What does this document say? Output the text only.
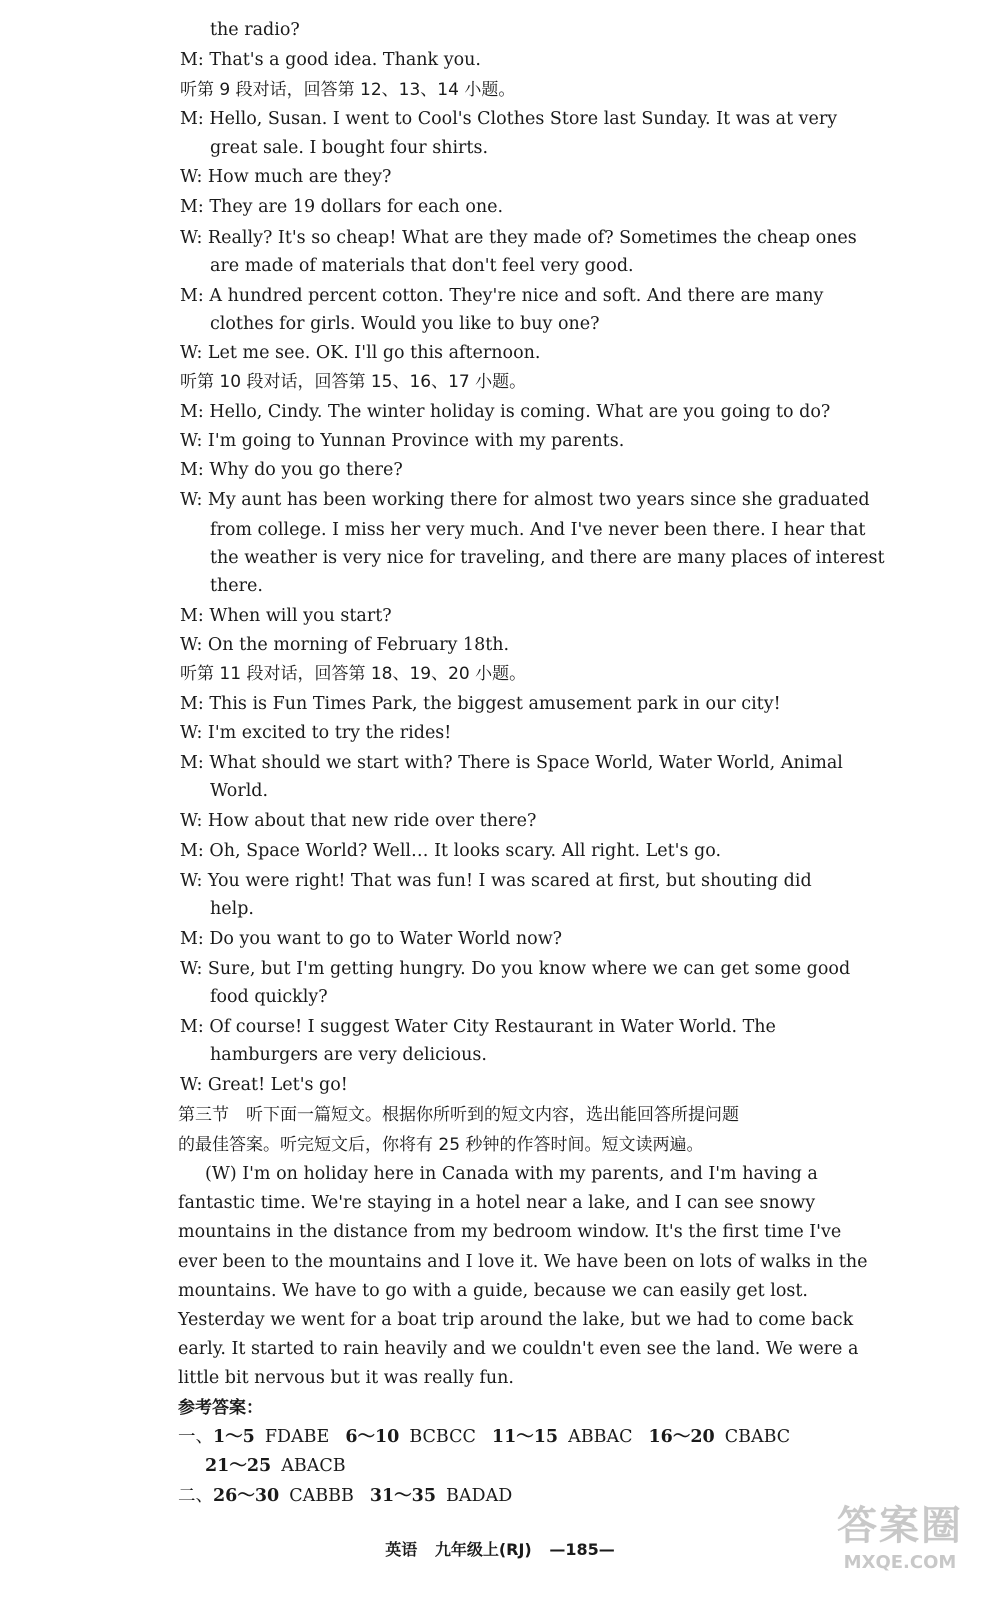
the radio?
M: That's a good idea. Thank you.
听第 9 段对话，回答第 12、13、14 小题。
M: Hello, Susan. I went to Cool's Clothes Store last Sunday. It was at very
great sale. I bought four shirts.
W: How much are they?
M: They are 19 dollars for each one.
W: Really? It's so cheap! What are they made of? Sometimes the cheap ones
are made of materials that don't feel very good.
M: A hundred percent cotton. They're nice and soft. And there are many
clothes for girls. Would you like to buy one?
W: Let me see. OK. I'll go this afternoon.
听第 10 段对话，回答第 15、16、17 小题。
M: Hello, Cindy. The winter holiday is coming. What are you going to do?
W: I'm going to Yunnan Province with my parents.
M: Why do you go there?
W: My aunt has been working there for almost two years since she graduated
from college. I miss her very much. And I've never been there. I hear that
the weather is very nice for traveling, and there are many places of interest
there.
M: When will you start?
W: On the morning of February 18th.
听第 11 段对话，回答第 18、19、20 小题。
M: This is Fun Times Park, the biggest amusement park in our city!
W: I'm excited to try the rides!
M: What should we start with? There is Space World, Water World, Animal
World.
W: How about that new ride over there?
M: Oh, Space World? Well… It looks scary. All right. Let's go.
W: You were right! That was fun! I was scared at first, but shouting did
help.
M: Do you want to go to Water World now?
W: Sure, but I'm getting hungry. Do you know where we can get some good
food quickly?
M: Of course! I suggest Water City Restaurant in Water World. The
hamburgers are very delicious.
W: Great! Let's go!
第三节　听下面一篇短文。根据你所听到的短文内容，选出能回答所提问题
的最佳答案。听完短文后，你将有 25 秒钟的作答时间。短文读两遍。
(W) I'm on holiday here in Canada with my parents, and I'm having a
fantastic time. We're staying in a hotel near a lake, and I can see snowy
mountains in the distance from my bedroom window. It's the first time I've
ever been to the mountains and I love it. We have been on lots of walks in the
mountains. We have to go with a guide, because we can easily get lost.
Yesterday we went for a boat trip around the lake, but we had to come back
early. It started to rain heavily and we couldn't even see the land. We were a
little bit nervous but it was really fun.
参考答案：
一、1～5 FDABE 6～10 BCBCC 11～15 ABBAC 16～20 CBABC
21～25 ABACB
二、26～30 CABBB 31～35 BADAD
英语 九年级上(RJ) —185—
答案圈
MXQE.COM
